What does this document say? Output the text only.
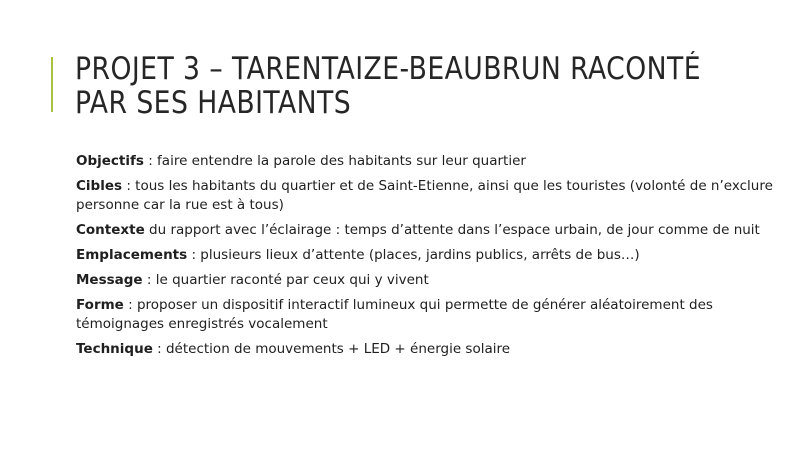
PROJET 3 – TARENTAIZE-BEAUBRUN RACONTÉ
PAR SES HABITANTS

Objectifs : faire entendre la parole des habitants sur leur quartier

Cibles : tous les habitants du quartier et de Saint-Etienne, ainsi que les touristes (volonté de n’exclure personne car la rue est à tous)

Contexte du rapport avec l’éclairage : temps d’attente dans l’espace urbain, de jour comme de nuit

Emplacements : plusieurs lieux d’attente (places, jardins publics, arrêts de bus…)

Message : le quartier raconté par ceux qui y vivent

Forme : proposer un dispositif interactif lumineux qui permette de générer aléatoirement des témoignages enregistrés vocalement

Technique : détection de mouvements + LED + énergie solaire
